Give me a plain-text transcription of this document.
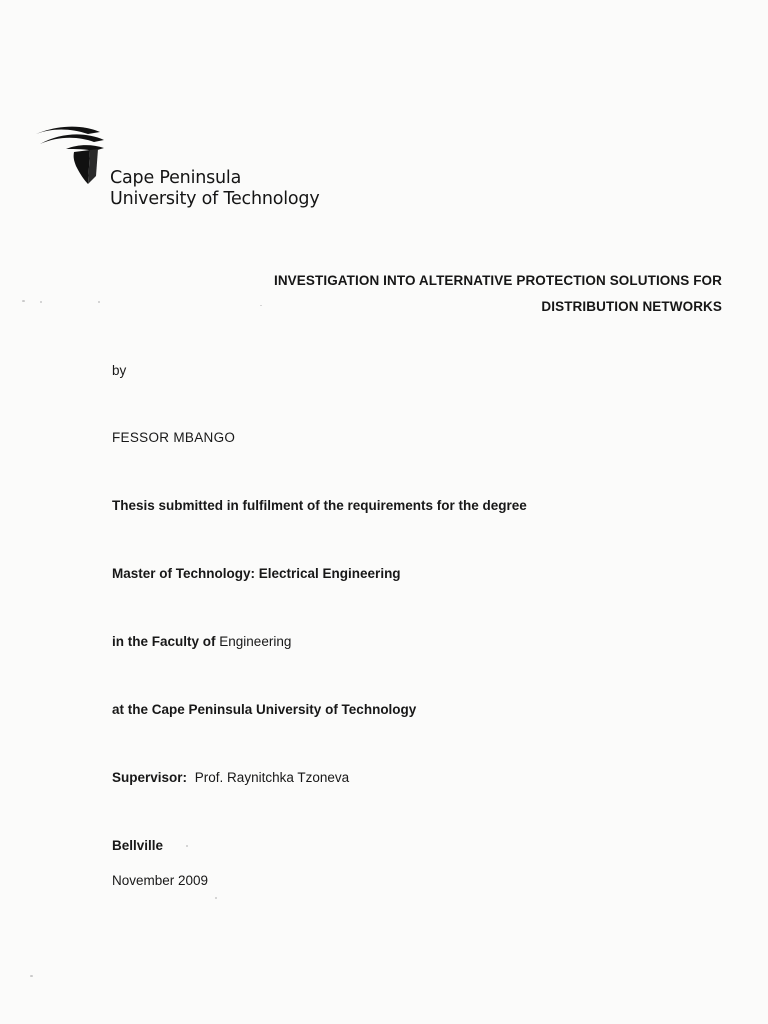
Cape Peninsula
University of Technology
INVESTIGATION INTO ALTERNATIVE PROTECTION SOLUTIONS FOR
DISTRIBUTION NETWORKS
by
FESSOR MBANGO
Thesis submitted in fulfilment of the requirements for the degree
Master of Technology: Electrical Engineering
in the Faculty of Engineering
at the Cape Peninsula University of Technology
Supervisor: Prof. Raynitchka Tzoneva
Bellville
November 2009
